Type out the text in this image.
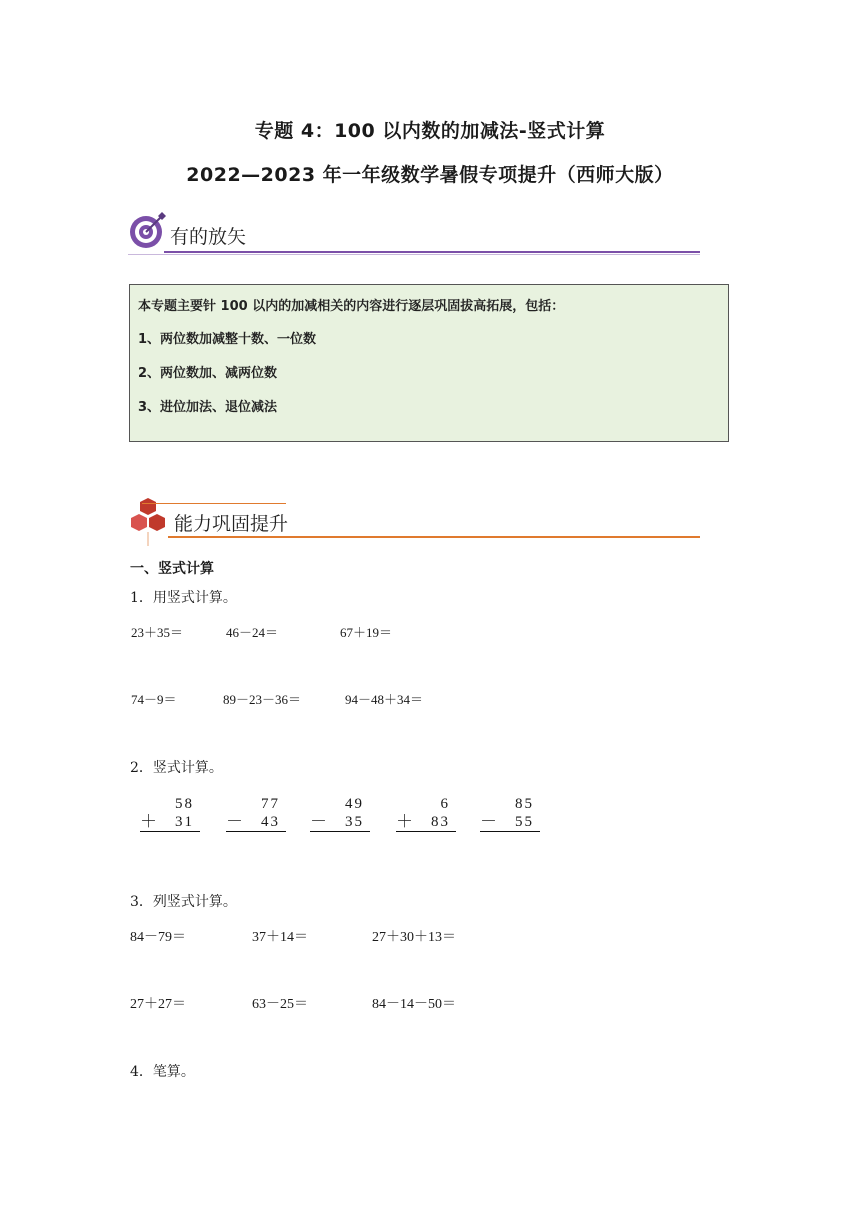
专题 4：100 以内数的加减法-竖式计算
2022—2023 年一年级数学暑假专项提升（西师大版）
有的放矢
本专题主要针 100 以内的加减相关的内容进行逐层巩固拔高拓展，包括：
1、两位数加减整十数、一位数
2、两位数加、减两位数
3、进位加法、退位减法
能力巩固提升
一、竖式计算
1．用竖式计算。
23＋35＝	46－24＝	67＋19＝
74－9＝	89－23－36＝	94－48＋34＝
2．竖式计算。
58
＋ 31
77
－ 43
49
－ 35
6
＋ 83
85
－ 55
3．列竖式计算。
84－79＝	37＋14＝	27＋30＋13＝
27＋27＝	63－25＝	84－14－50＝
4．笔算。
